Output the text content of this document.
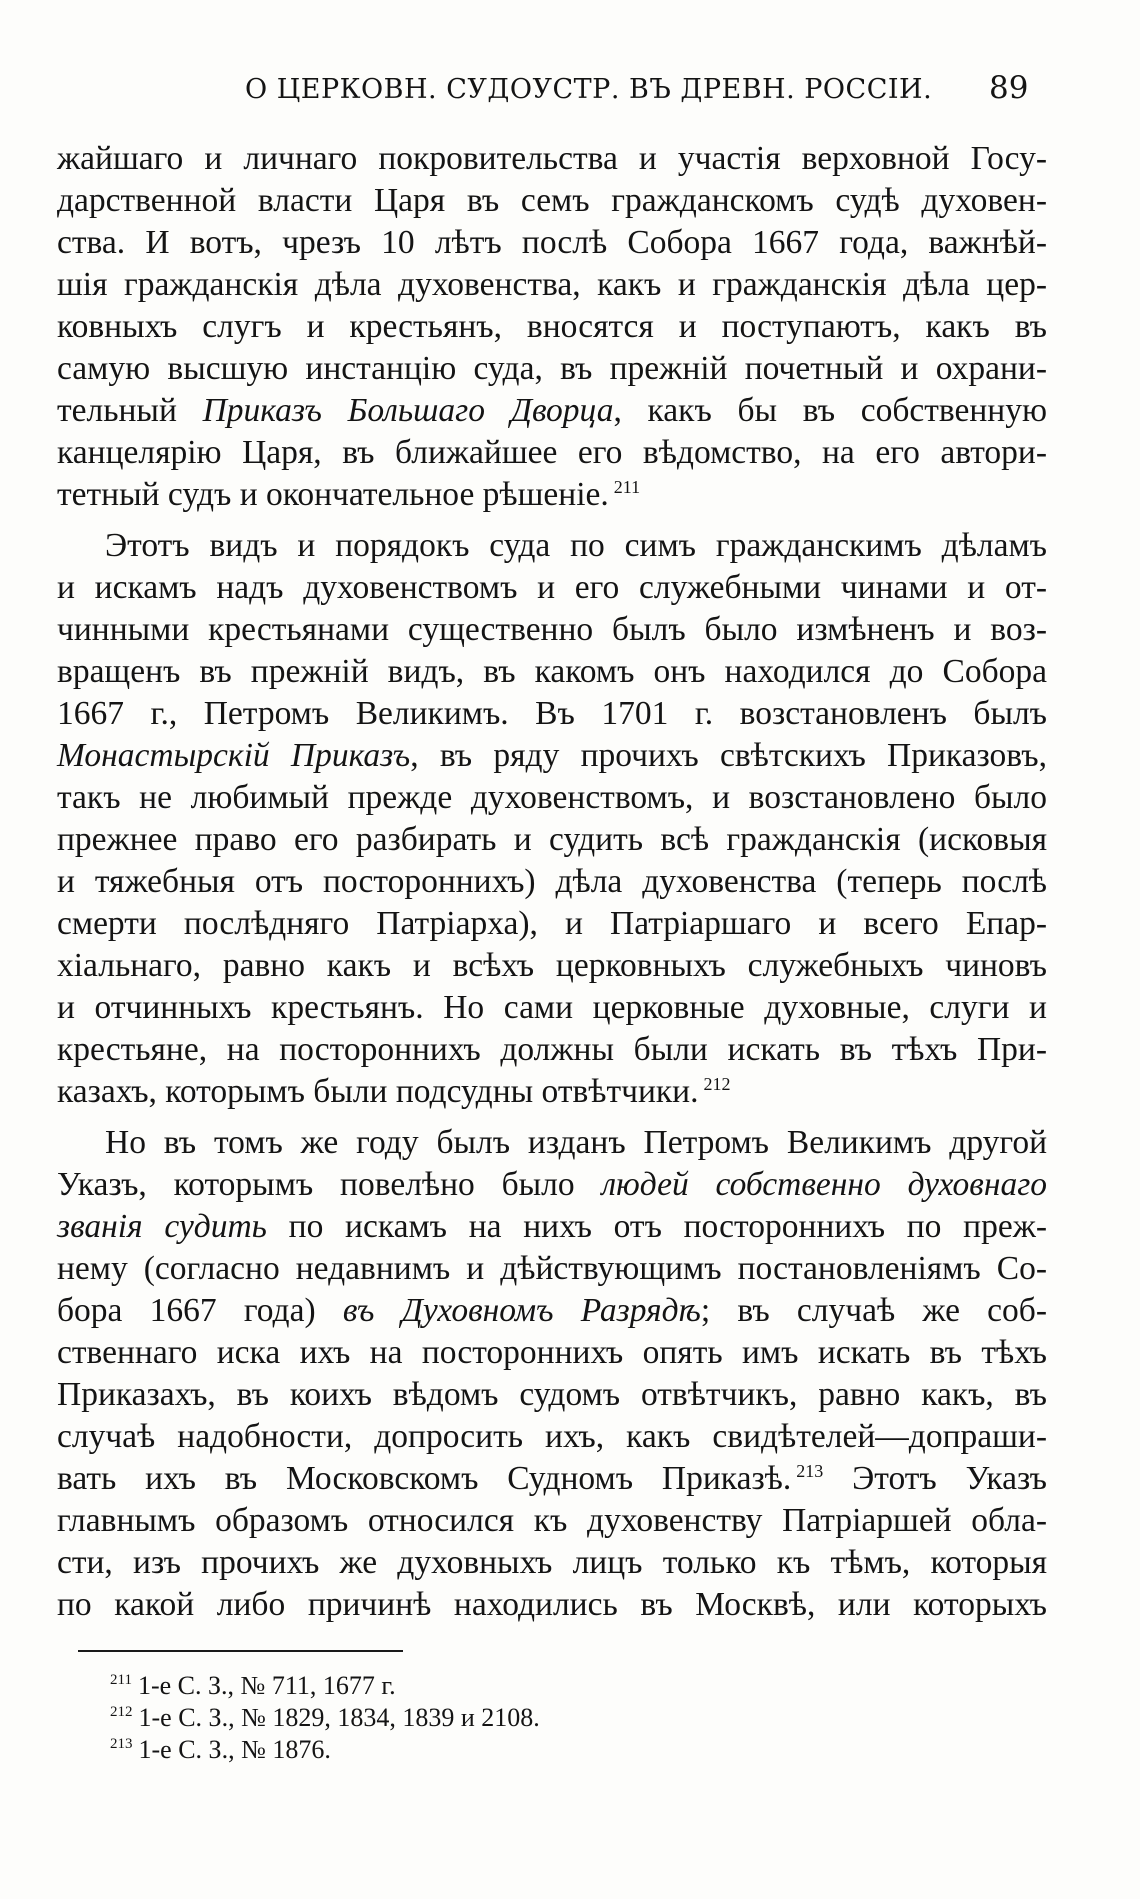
О ЦЕРКОВН. СУДОУСТР. ВЪ ДРЕВН. РОССІИ. 89
жайшаго и личнаго покровительства и участія верховной Госу-
дарственной власти Царя въ семъ гражданскомъ судѣ духовен-
ства. И вотъ, чрезъ 10 лѣтъ послѣ Собора 1667 года, важнѣй-
шія гражданскія дѣла духовенства, какъ и гражданскія дѣла цер-
ковныхъ слугъ и крестьянъ, вносятся и поступаютъ, какъ въ
самую высшую инстанцію суда, въ прежній почетный и охрани-
тельный Приказъ Большаго Дворца, какъ бы въ собственную
канцелярію Царя, въ ближайшее его вѣдомство, на его автори-
тетный судъ и окончательное рѣшеніе. $^{211}$
Этотъ видъ и порядокъ суда по симъ гражданскимъ дѣламъ
и искамъ надъ духовенствомъ и его служебными чинами и от-
чинными крестьянами существенно былъ было измѣненъ и воз-
вращенъ въ прежній видъ, въ какомъ онъ находился до Собора
1667 г., Петромъ Великимъ. Въ 1701 г. возстановленъ былъ
Монастырскій Приказъ, въ ряду прочихъ свѣтскихъ Приказовъ,
такъ не любимый прежде духовенствомъ, и возстановлено было
прежнее право его разбирать и судить всѣ гражданскія (исковыя
и тяжебныя отъ постороннихъ) дѣла духовенства (теперь послѣ
смерти послѣдняго Патріарха), и Патріаршаго и всего Епар-
хіальнаго, равно какъ и всѣхъ церковныхъ служебныхъ чиновъ
и отчинныхъ крестьянъ. Но сами церковные духовные, слуги и
крестьяне, на постороннихъ должны были искать въ тѣхъ При-
казахъ, которымъ были подсудны отвѣтчики. $^{212}$
Но въ томъ же году былъ изданъ Петромъ Великимъ другой
Указъ, которымъ повелѣно было людей собственно духовнаго
званія судить по искамъ на нихъ отъ постороннихъ по преж-
нему (согласно недавнимъ и дѣйствующимъ постановленіямъ Со-
бора 1667 года) въ Духовномъ Разрядѣ; въ случаѣ же соб-
ственнаго иска ихъ на постороннихъ опять имъ искать въ тѣхъ
Приказахъ, въ коихъ вѣдомъ судомъ отвѣтчикъ, равно какъ, въ
случаѣ надобности, допросить ихъ, какъ свидѣтелей—допраши-
вать ихъ въ Московскомъ Судномъ Приказѣ. $^{213}$ Этотъ Указъ
главнымъ образомъ относился къ духовенству Патріаршей обла-
сти, изъ прочихъ же духовныхъ лицъ только къ тѣмъ, которыя
по какой либо причинѣ находились въ Москвѣ, или которыхъ
$^{211}$ 1-е С. З., № 711, 1677 г.
$^{212}$ 1-е С. З., № 1829, 1834, 1839 и 2108.
$^{213}$ 1-е С. З., № 1876.
